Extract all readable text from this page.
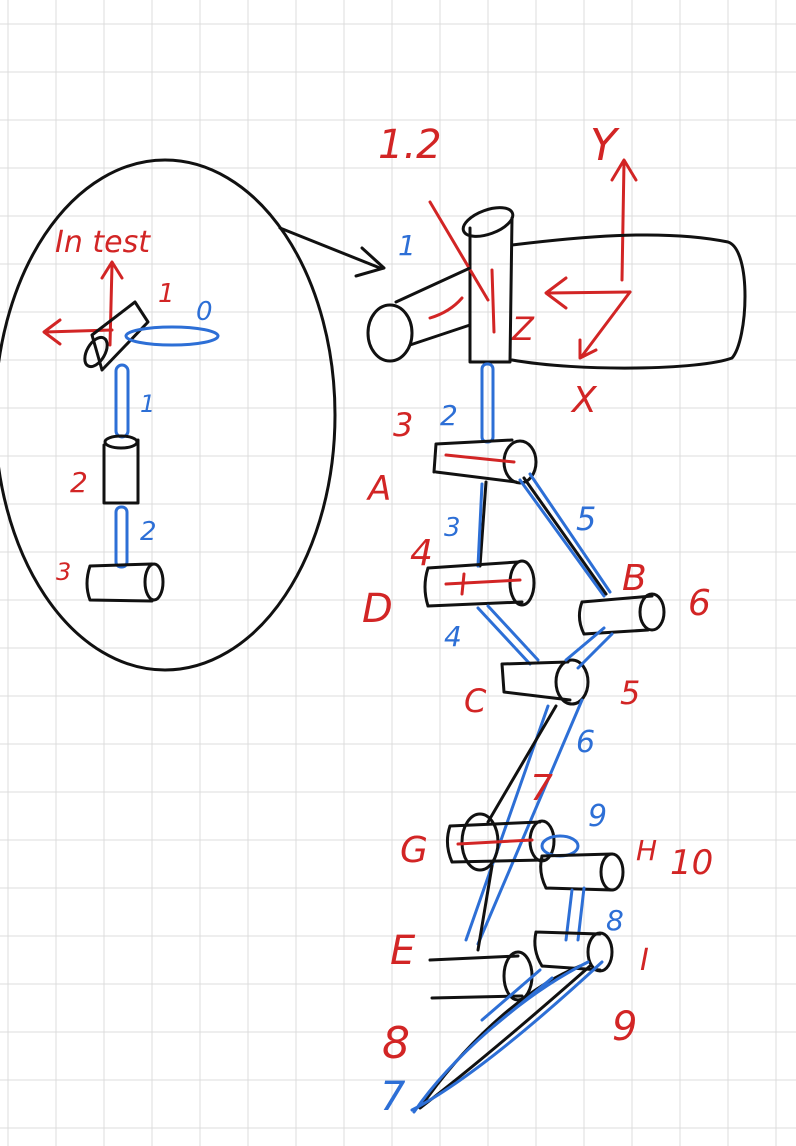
In test
1
0
1
2
2
3
1.2	Y
X
Z
1
2
3
A
3
4
D
5
B
6
4
C	5
6
7
G
9
H 10
8
I
9
E
8
7
